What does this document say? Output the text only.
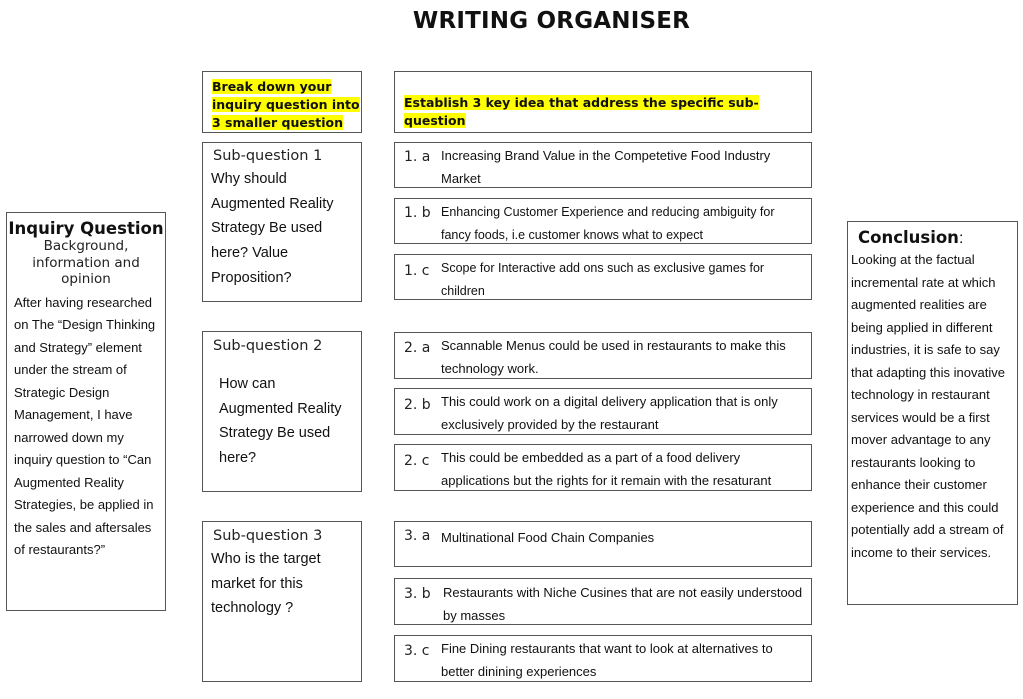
WRITING ORGANISER
Inquiry Question
Background, information and opinion
After having researched on The “Design Thinking and Strategy” element under the stream of Strategic Design Management, I have narrowed down my inquiry question to “Can Augmented Reality Strategies, be applied in the sales and aftersales of restaurants?”
Break down your inquiry question into 3 smaller question
Establish 3 key idea that address the specific sub-question
Sub-question 1
Why should Augmented Reality Strategy Be used here? Value Proposition?
1. a Increasing Brand Value in the Competetive Food Industry Market
1. b Enhancing Customer Experience and reducing ambiguity for fancy foods, i.e customer knows what to expect
1. c Scope for Interactive add ons such as exclusive games for children
Sub-question 2
How can Augmented Reality Strategy Be used here?
2. a Scannable Menus could be used in restaurants to make this technology work.
2. b This could work on a digital delivery application that is only exclusively provided by the restaurant
2. c This could be embedded as a part of a food delivery applications but the rights for it remain with the resaturant
Sub-question 3
Who is the target market for this technology ?
3. a Multinational Food Chain Companies
3. b Restaurants with Niche Cusines that are not easily understood by masses
3. c Fine Dining restaurants that want to look at alternatives to better dinining experiences
Conclusion:
Looking at the factual incremental rate at which augmented realities are being applied in different industries, it is safe to say that adapting this inovative technology in restaurant services would be a first mover advantage to any restaurants looking to enhance their customer experience and this could potentially add a stream of income to their services.
